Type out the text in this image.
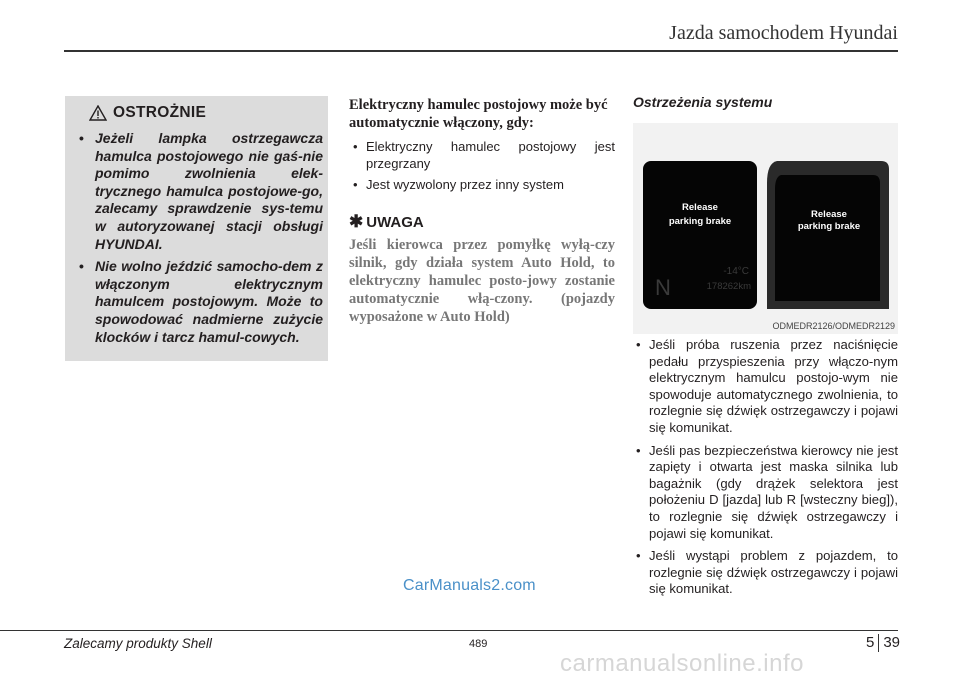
Jazda samochodem Hyundai
OSTROŻNIE
• Jeżeli lampka ostrzegawcza hamulca postojowego nie gaś-nie pomimo zwolnienia elek-trycznego hamulca postojowe-go, zalecamy sprawdzenie sys-temu w autoryzowanej stacji obsługi HYUNDAI.
• Nie wolno jeździć samocho-dem z włączonym elektrycznym hamulcem postojowym. Może to spowodować nadmierne zużycie klocków i tarcz hamul-cowych.

Elektryczny hamulec postojowy może być automatycznie włączony, gdy:

• Elektryczny hamulec postojowy jest przegrzany
• Jest wyzwolony przez inny system
✱ UWAGA
Jeśli kierowca przez pomyłkę wyłą-czy silnik, gdy działa system Auto Hold, to elektryczny hamulec posto-jowy zostanie automatycznie włą-czony. (pojazdy wyposażone w Auto Hold)

Ostrzeżenia systemu

Release
parking brake
N
-14°C
178262km
Release
parking brake
ODMEDR2126/ODMEDR2129
• Jeśli próba ruszenia przez naciśnięcie pedału przyspieszenia przy włączo-nym elektrycznym hamulcu postojo-wym nie spowoduje automatycznego zwolnienia, to rozlegnie się dźwięk ostrzegawczy i pojawi się komunikat.
• Jeśli pas bezpieczeństwa kierowcy nie jest zapięty i otwarta jest maska silnika lub bagażnik (gdy drążek selektora jest położeniu D [jazda] lub R [wsteczny bieg]), to rozlegnie się dźwięk ostrzegawczy i pojawi się komunikat.
• Jeśli wystąpi problem z pojazdem, to rozlegnie się dźwięk ostrzegawczy i pojawi się komunikat.
CarManuals2.com
Zalecamy produkty Shell	489	5 39
carmanualsonline.info
